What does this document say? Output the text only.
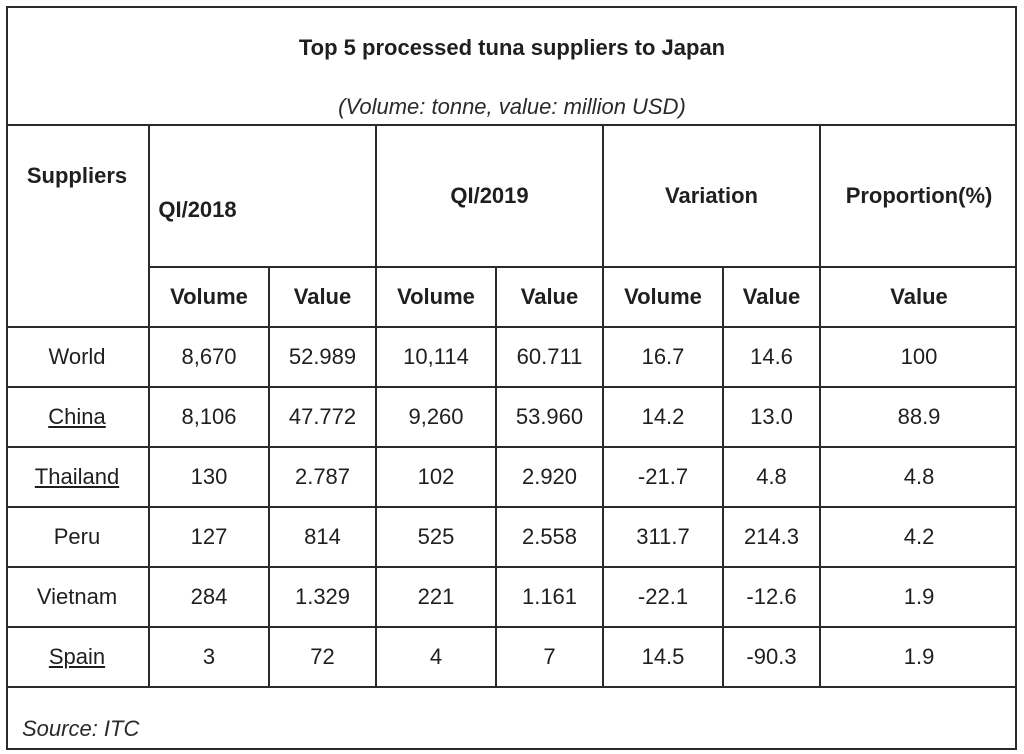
Top 5 processed tuna suppliers to Japan
(Volume: tonne, value: million USD)
Suppliers	QI/2018		QI/2019		Variation		Proportion(%)
	Volume	Value	Volume	Value	Volume	Value	Value
World	8,670	52.989	10,114	60.711	16.7	14.6	100
China	8,106	47.772	9,260	53.960	14.2	13.0	88.9
Thailand	130	2.787	102	2.920	-21.7	4.8	4.8
Peru	127	814	525	2.558	311.7	214.3	4.2
Vietnam	284	1.329	221	1.161	-22.1	-12.6	1.9
Spain	3	72	4	7	14.5	-90.3	1.9
Source: ITC
